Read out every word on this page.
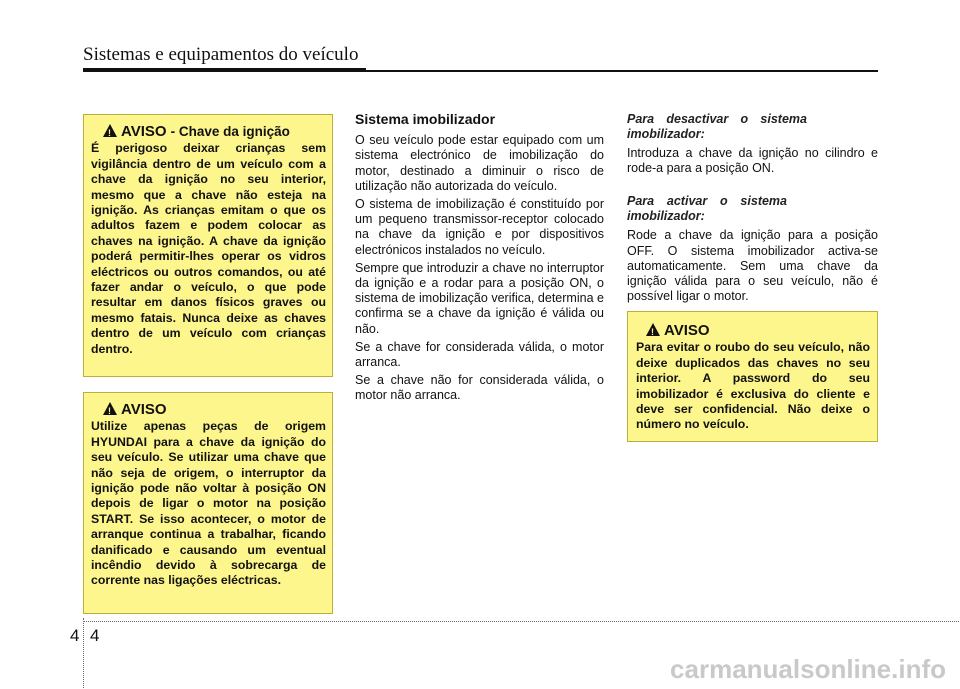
Sistemas e equipamentos do veículo
!
AVISO - Chave da ignição
É perigoso deixar crianças sem vigilância dentro de um veículo com a chave da ignição no seu interior, mesmo que a chave não esteja na ignição. As crianças emitam o que os adultos fazem e podem colocar as chaves na ignição. A chave da ignição poderá permitir-lhes operar os vidros eléctricos ou outros comandos, ou até fazer andar o veículo, o que pode resultar em danos físicos graves ou mesmo fatais. Nunca deixe as chaves dentro de um veículo com crianças dentro.
!
AVISO
Utilize apenas peças de origem HYUNDAI para a chave da ignição do seu veículo. Se utilizar uma chave que não seja de origem, o interruptor da ignição pode não voltar à posição ON depois de ligar o motor na posição START. Se isso acontecer, o motor de arranque continua a trabalhar, ficando danificado e causando um eventual incêndio devido à sobrecarga de corrente nas ligações eléctricas.
Sistema imobilizador

O seu veículo pode estar equipado com um sistema electrónico de imobilização do motor, destinado a diminuir o risco de utilização não autorizada do veículo.

O sistema de imobilização é constituído por um pequeno transmissor-receptor colocado na chave da ignição e por dispositivos electrónicos instalados no veículo.

Sempre que introduzir a chave no interruptor da ignição e a rodar para a posição ON, o sistema de imobilização verifica, determina e confirma se a chave da ignição é válida ou não.

Se a chave for considerada válida, o motor arranca.

Se a chave não for considerada válida, o motor não arranca.

Para desactivar o sistema imobilizador:

Introduza a chave da ignição no cilindro e rode-a para a posição ON.

Para activar o sistema imobilizador:

Rode a chave da ignição para a posição OFF. O sistema imobilizador activa-se automaticamente. Sem uma chave da ignição válida para o seu veículo, não é possível ligar o motor.

!
AVISO
Para evitar o roubo do seu veículo, não deixe duplicados das chaves no seu interior. A password do seu imobilizador é exclusiva do cliente e deve ser confidencial. Não deixe o número no veículo.
4 4
carmanualsonline.info
